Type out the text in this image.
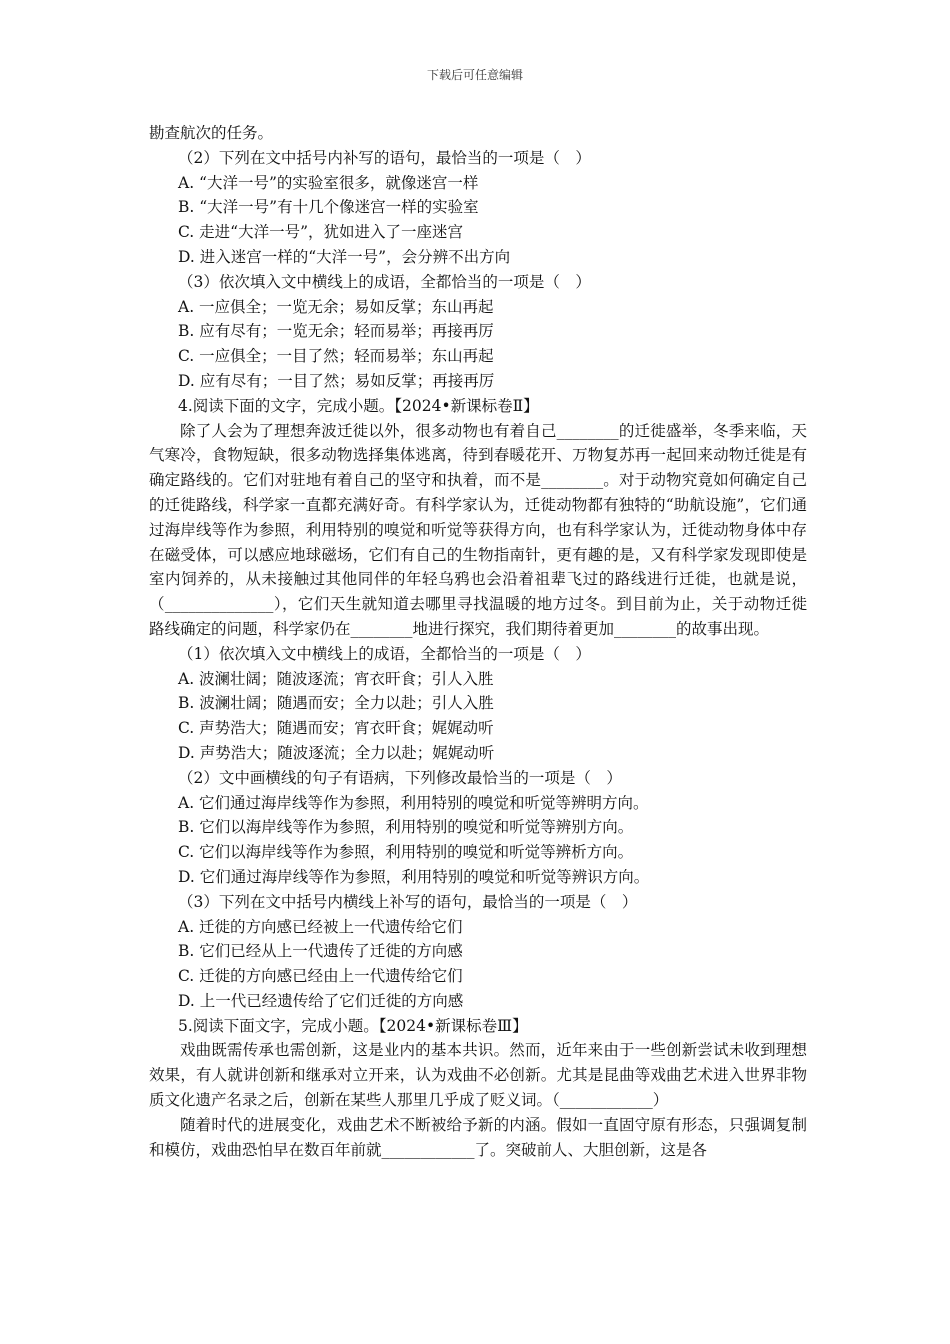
下载后可任意编辑
勘查航次的任务。
（2）下列在文中括号内补写的语句，最恰当的一项是（　）
A. “大洋一号”的实验室很多，就像迷宫一样
B. “大洋一号”有十几个像迷宫一样的实验室
C. 走进“大洋一号”，犹如进入了一座迷宫
D. 进入迷宫一样的“大洋一号”，会分辨不出方向
（3）依次填入文中横线上的成语，全都恰当的一项是（　）
A. 一应俱全；一览无余；易如反掌；东山再起
B. 应有尽有；一览无余；轻而易举；再接再厉
C. 一应俱全；一目了然；轻而易举；东山再起
D. 应有尽有；一目了然；易如反掌；再接再厉
4.阅读下面的文字，完成小题。【2024•新课标卷Ⅱ】
除了人会为了理想奔波迁徙以外，很多动物也有着自己________的迁徙盛举，冬季来临，天气寒冷，食物短缺，很多动物选择集体逃离，待到春暖花开、万物复苏再一起回来动物迁徙是有确定路线的。它们对驻地有着自己的坚守和执着，而不是________。对于动物究竟如何确定自己的迁徙路线，科学家一直都充满好奇。有科学家认为，迁徙动物都有独特的“助航设施”，它们通过海岸线等作为参照，利用特别的嗅觉和听觉等获得方向，也有科学家认为，迁徙动物身体中存在磁受体，可以感应地球磁场，它们有自己的生物指南针，更有趣的是，又有科学家发现即使是室内饲养的，从未接触过其他同伴的年轻乌鸦也会沿着祖辈飞过的路线进行迁徙，也就是说，（______________），它们天生就知道去哪里寻找温暖的地方过冬。到目前为止，关于动物迁徙路线确定的问题，科学家仍在________地进行探究，我们期待着更加________的故事出现。
（1）依次填入文中横线上的成语，全都恰当的一项是（　）
A. 波澜壮阔；随波逐流；宵衣旰食；引人入胜
B. 波澜壮阔；随遇而安；全力以赴；引人入胜
C. 声势浩大；随遇而安；宵衣旰食；娓娓动听
D. 声势浩大；随波逐流；全力以赴；娓娓动听
（2）文中画横线的句子有语病，下列修改最恰当的一项是（　）
A. 它们通过海岸线等作为参照，利用特别的嗅觉和听觉等辨明方向。
B. 它们以海岸线等作为参照，利用特别的嗅觉和听觉等辨别方向。
C. 它们以海岸线等作为参照，利用特别的嗅觉和听觉等辨析方向。
D. 它们通过海岸线等作为参照，利用特别的嗅觉和听觉等辨识方向。
（3）下列在文中括号内横线上补写的语句，最恰当的一项是（　）
A. 迁徙的方向感已经被上一代遗传给它们
B. 它们已经从上一代遗传了迁徙的方向感
C. 迁徙的方向感已经由上一代遗传给它们
D. 上一代已经遗传给了它们迁徙的方向感
5.阅读下面文字，完成小题。【2024•新课标卷Ⅲ】
戏曲既需传承也需创新，这是业内的基本共识。然而，近年来由于一些创新尝试未收到理想效果，有人就讲创新和继承对立开来，认为戏曲不必创新。尤其是昆曲等戏曲艺术进入世界非物质文化遗产名录之后，创新在某些人那里几乎成了贬义词。（____________）
随着时代的进展变化，戏曲艺术不断被给予新的内涵。假如一直固守原有形态，只强调复制和模仿，戏曲恐怕早在数百年前就____________了。突破前人、大胆创新，这是各
